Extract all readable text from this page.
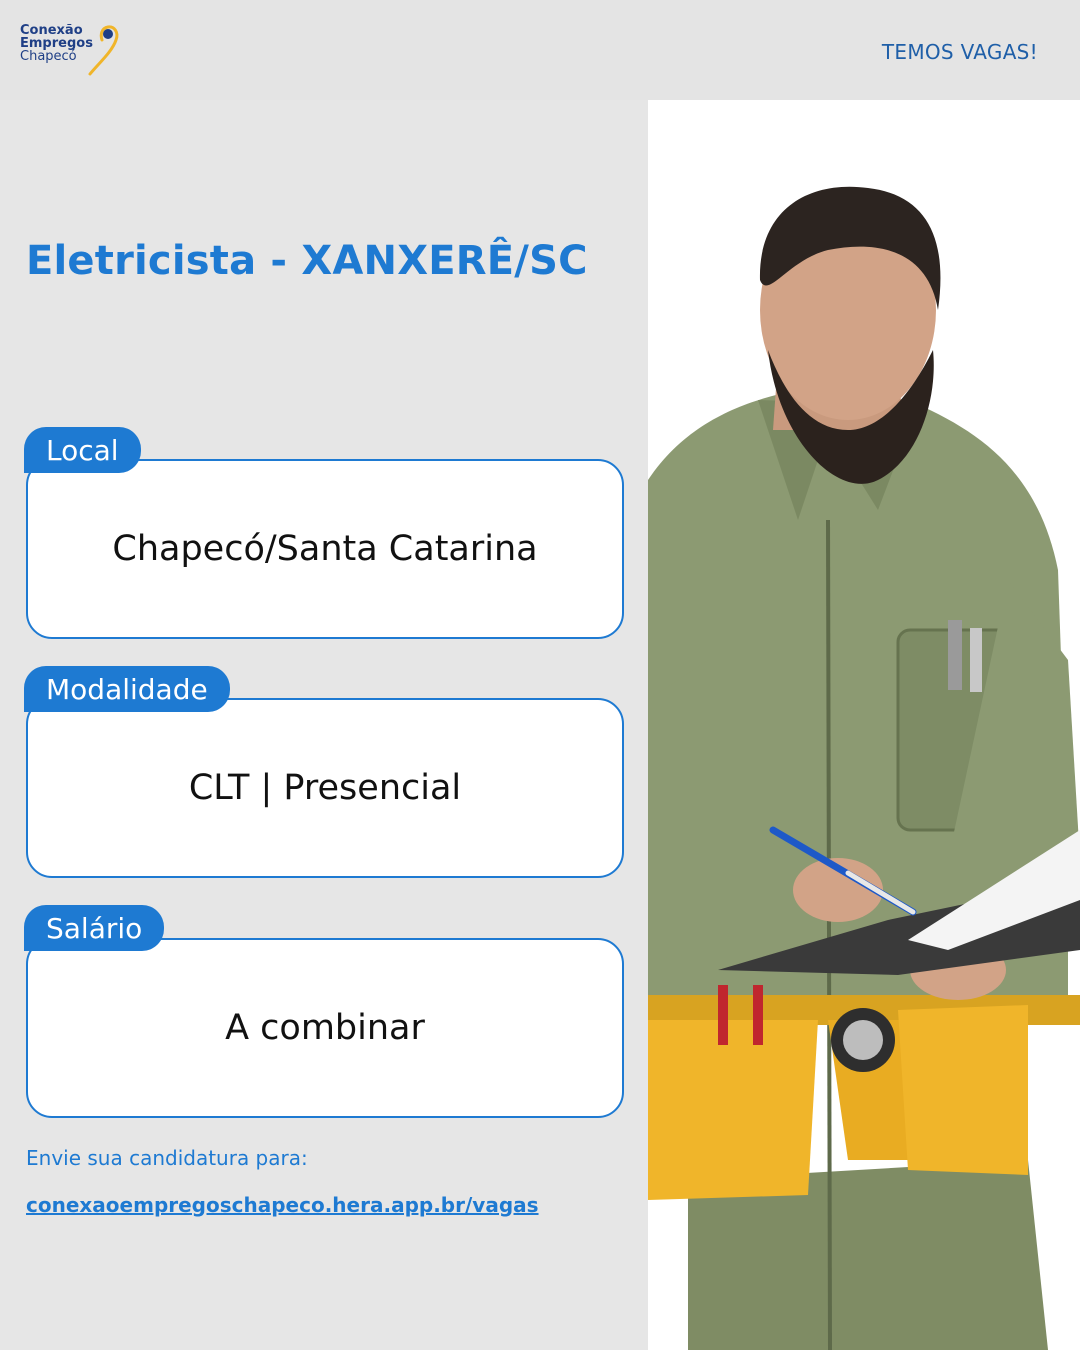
Conexão
Empregos
Chapecó	TEMOS VAGAS!
Eletricista - XANXERÊ/SC
Chapecó/Santa Catarina
Local
CLT | Presencial
Modalidade
A combinar
Salário

Envie sua candidatura para:

conexaoempregoschapeco.hera.app.br/vagas
